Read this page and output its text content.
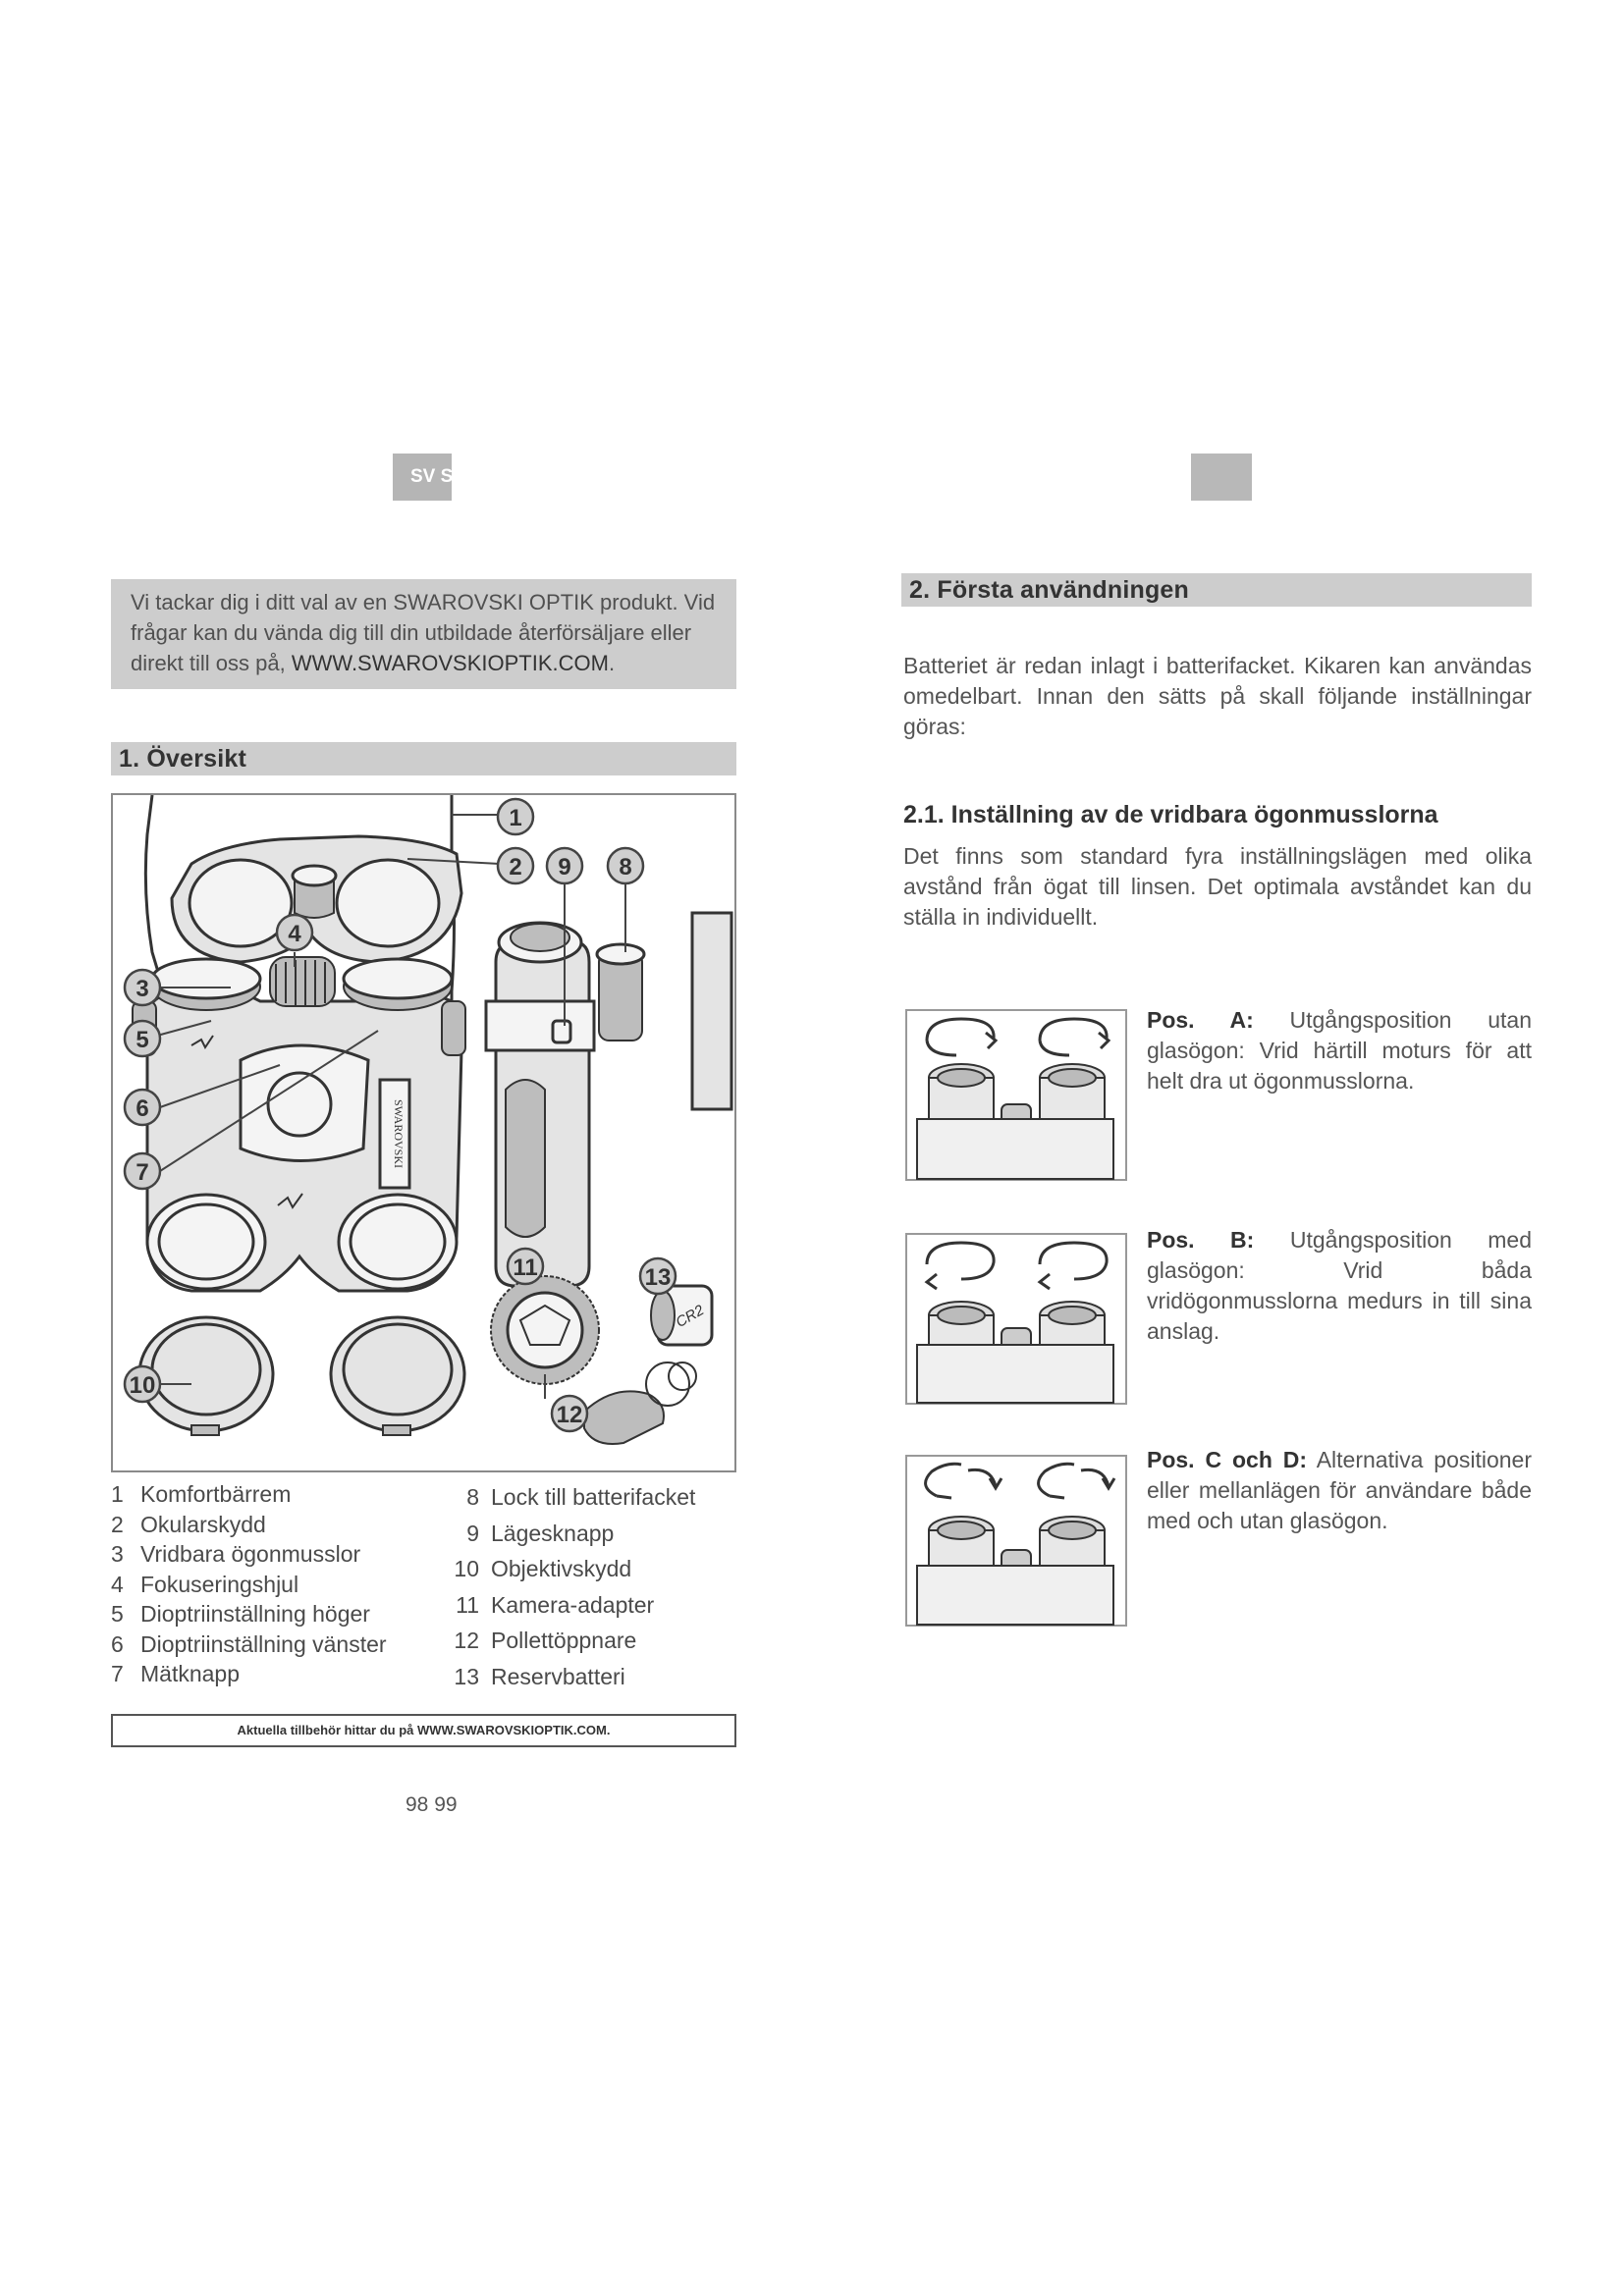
SV SV
Vi tackar dig i ditt val av en SWAROVSKI OPTIK produkt. Vid frågar kan du vända dig till din utbildade återförsäljare eller direkt till oss på, WWW.SWAROVSKIOPTIK.COM.
1. Översikt
SWAROVSKI
CR2
1
2
3
4
5
6
7
8
9
10
11
12
13
1 Komfortbärrem
2 Okularskydd
3 Vridbara ögonmusslor
4 Fokuseringshjul
5 Dioptriinställning höger
6 Dioptriinställning vänster
7 Mätknapp
8 Lock till batterifacket
9 Lägesknapp
10 Objektivskydd
11 Kamera-adapter
12 Pollettöppnare
13 Reservbatteri
Aktuella tillbehör hittar du på WWW.SWAROVSKIOPTIK.COM.
98 99
2. Första användningen
Batteriet är redan inlagt i batterifacket. Kikaren kan användas omedelbart. Innan den sätts på skall följande inställningar göras:
2.1. Inställning av de vridbara ögonmusslorna
Det finns som standard fyra inställningslägen med olika avstånd från ögat till linsen. Det optimala avståndet kan du ställa in individuellt.
Pos. A: Utgångsposition utan glasögon: Vrid härtill moturs för att helt dra ut ögonmusslorna.
Pos. B: Utgångsposition med glasögon: Vrid båda vridögonmusslorna medurs in till sina anslag.
Pos. C och D: Alternativa positioner eller mellanlägen för användare både med och utan glasögon.
